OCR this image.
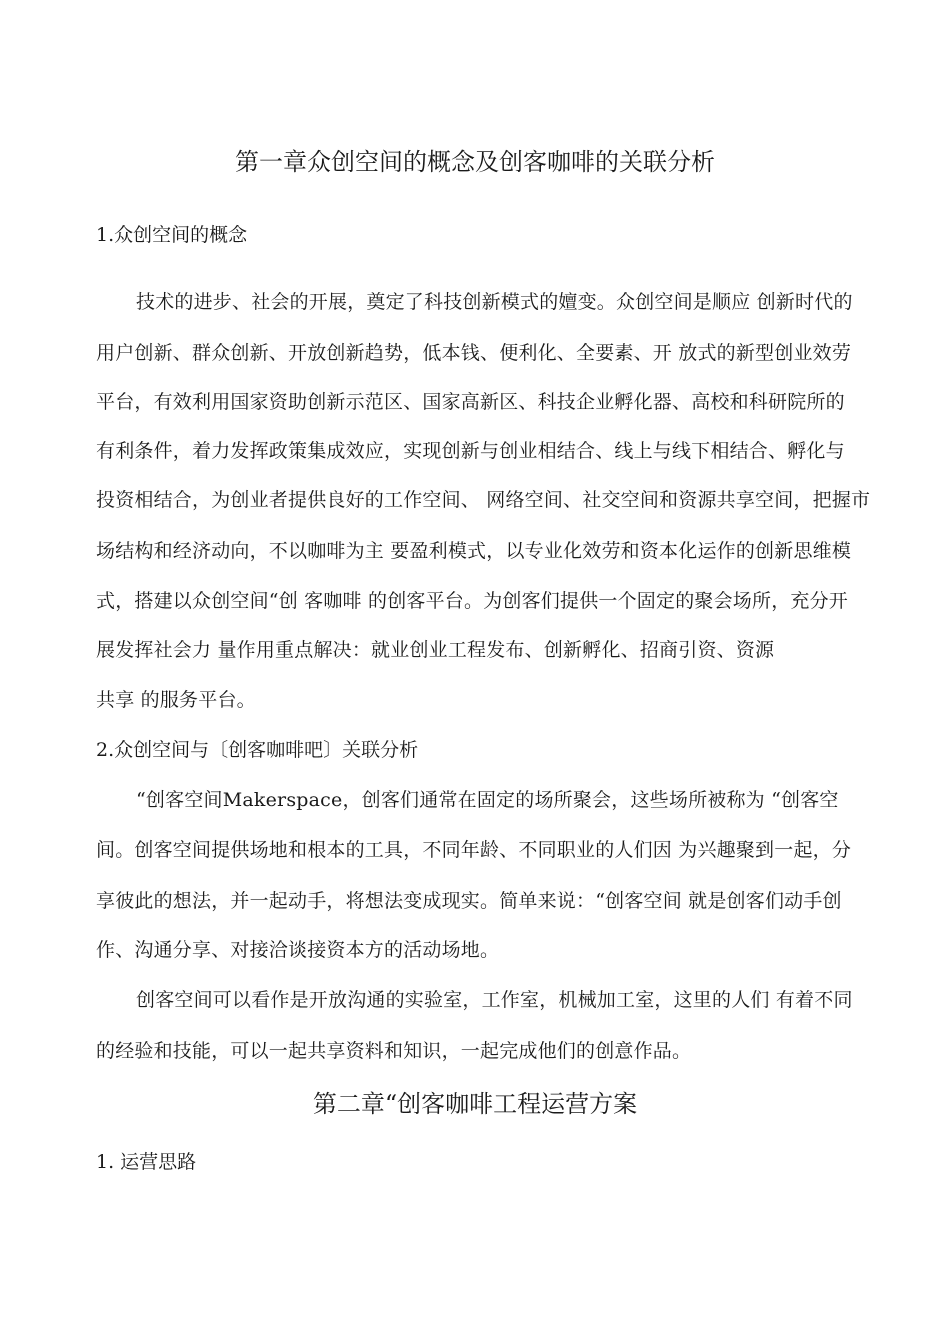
第一章众创空间的概念及创客咖啡的关联分析
1.众创空间的概念
技术的进步、社会的开展，奠定了科技创新模式的嬗变。众创空间是顺应 创新时代的
用户创新、群众创新、开放创新趋势，低本钱、便利化、全要素、开 放式的新型创业效劳
平台，有效利用国家资助创新示范区、国家高新区、科技企业孵化器、高校和科研院所的
有利条件，着力发挥政策集成效应，实现创新与创业相结合、线上与线下相结合、孵化与
投资相结合，为创业者提供良好的工作空间、 网络空间、社交空间和资源共享空间，把握市
场结构和经济动向，不以咖啡为主 要盈利模式，以专业化效劳和资本化运作的创新思维模
式，搭建以众创空间“创 客咖啡 的创客平台。为创客们提供一个固定的聚会场所，充分开
展发挥社会力 量作用重点解决：就业创业工程发布、创新孵化、招商引资、资源
共享 的服务平台。
2.众创空间与〔创客咖啡吧〕关联分析
“创客空间Makerspace，创客们通常在固定的场所聚会，这些场所被称为 “创客空
间。创客空间提供场地和根本的工具，不同年龄、不同职业的人们因 为兴趣聚到一起，分
享彼此的想法，并一起动手，将想法变成现实。简单来说：“创客空间 就是创客们动手创
作、沟通分享、对接洽谈接资本方的活动场地。
创客空间可以看作是开放沟通的实验室，工作室，机械加工室，这里的人们 有着不同
的经验和技能，可以一起共享资料和知识，一起完成他们的创意作品。
第二章“创客咖啡工程运营方案
1. 运营思路
